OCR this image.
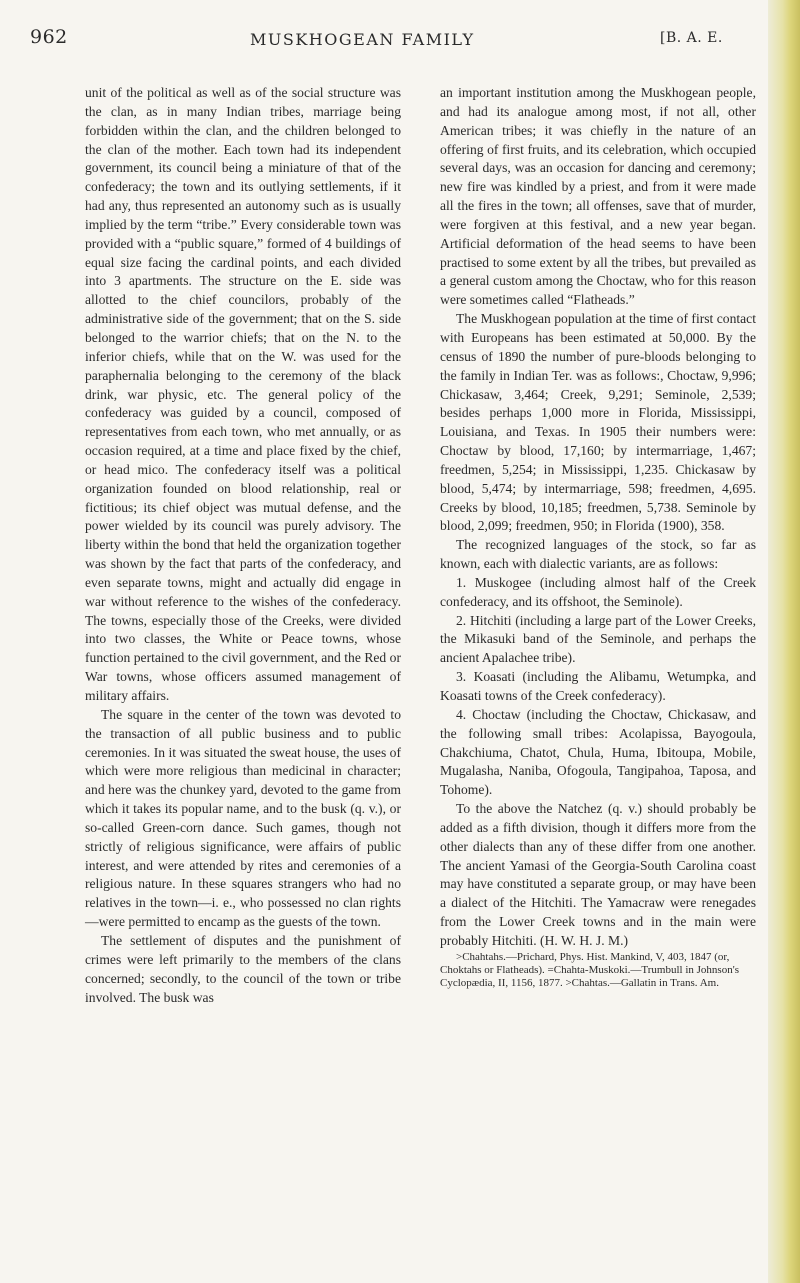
962	MUSKHOGEAN FAMILY	[B. A. E.

unit of the political as well as of the social structure was the clan, as in many Indian tribes, marriage being forbidden within the clan, and the children belonged to the clan of the mother. Each town had its independent government, its council being a miniature of that of the confederacy; the town and its outlying settlements, if it had any, thus represented an autonomy such as is usually implied by the term “tribe.” Every considerable town was provided with a “public square,” formed of 4 buildings of equal size facing the cardinal points, and each divided into 3 apartments. The structure on the E. side was allotted to the chief councilors, probably of the administrative side of the government; that on the S. side belonged to the warrior chiefs; that on the N. to the inferior chiefs, while that on the W. was used for the paraphernalia belonging to the ceremony of the black drink, war physic, etc. The general policy of the confederacy was guided by a council, composed of representatives from each town, who met annually, or as occasion required, at a time and place fixed by the chief, or head mico. The confederacy itself was a political organization founded on blood relationship, real or fictitious; its chief object was mutual defense, and the power wielded by its council was purely advisory. The liberty within the bond that held the organization together was shown by the fact that parts of the confederacy, and even separate towns, might and actually did engage in war without reference to the wishes of the confederacy. The towns, especially those of the Creeks, were divided into two classes, the White or Peace towns, whose function pertained to the civil government, and the Red or War towns, whose officers assumed management of military affairs.

The square in the center of the town was devoted to the transaction of all public business and to public ceremonies. In it was situated the sweat house, the uses of which were more religious than medicinal in character; and here was the chunkey yard, devoted to the game from which it takes its popular name, and to the busk (q. v.), or so-called Green-corn dance. Such games, though not strictly of religious significance, were affairs of public interest, and were attended by rites and ceremonies of a religious nature. In these squares strangers who had no relatives in the town—i. e., who possessed no clan rights—were permitted to encamp as the guests of the town.

The settlement of disputes and the punishment of crimes were left primarily to the members of the clans concerned; secondly, to the council of the town or tribe involved. The busk was

an important institution among the Muskhogean people, and had its analogue among most, if not all, other American tribes; it was chiefly in the nature of an offering of first fruits, and its celebration, which occupied several days, was an occasion for dancing and ceremony; new fire was kindled by a priest, and from it were made all the fires in the town; all offenses, save that of murder, were forgiven at this festival, and a new year began. Artificial deformation of the head seems to have been practised to some extent by all the tribes, but prevailed as a general custom among the Choctaw, who for this reason were sometimes called “Flatheads.”

The Muskhogean population at the time of first contact with Europeans has been estimated at 50,000. By the census of 1890 the number of pure-bloods belonging to the family in Indian Ter. was as follows:, Choctaw, 9,996; Chickasaw, 3,464; Creek, 9,291; Seminole, 2,539; besides perhaps 1,000 more in Florida, Mississippi, Louisiana, and Texas. In 1905 their numbers were: Choctaw by blood, 17,160; by intermarriage, 1,467; freedmen, 5,254; in Mississippi, 1,235. Chickasaw by blood, 5,474; by intermarriage, 598; freedmen, 4,695. Creeks by blood, 10,185; freedmen, 5,738. Seminole by blood, 2,099; freedmen, 950; in Florida (1900), 358.

The recognized languages of the stock, so far as known, each with dialectic variants, are as follows:

1. Muskogee (including almost half of the Creek confederacy, and its offshoot, the Seminole).

2. Hitchiti (including a large part of the Lower Creeks, the Mikasuki band of the Seminole, and perhaps the ancient Apalachee tribe).

3. Koasati (including the Alibamu, Wetumpka, and Koasati towns of the Creek confederacy).

4. Choctaw (including the Choctaw, Chickasaw, and the following small tribes: Acolapissa, Bayogoula, Chakchiuma, Chatot, Chula, Huma, Ibitoupa, Mobile, Mugalasha, Naniba, Ofogoula, Tangipahoa, Taposa, and Tohome).

To the above the Natchez (q. v.) should probably be added as a fifth division, though it differs more from the other dialects than any of these differ from one another. The ancient Yamasi of the Georgia-South Carolina coast may have constituted a separate group, or may have been a dialect of the Hitchiti. The Yamacraw were renegades from the Lower Creek towns and in the main were probably Hitchiti. (H. W. H. J. M.)

>Chahtahs.—Prichard, Phys. Hist. Mankind, V, 403, 1847 (or, Choktahs or Flatheads). =Chahta-Muskoki.—Trumbull in Johnson's Cyclopædia, II, 1156, 1877. >Chahtas.—Gallatin in Trans. Am.
